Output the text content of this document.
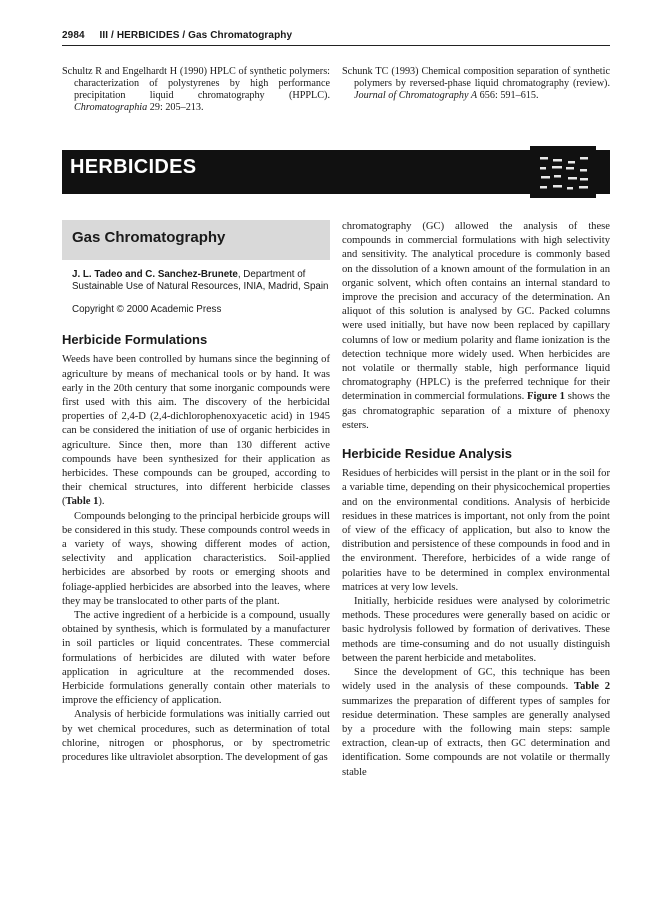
2984 III / HERBICIDES / Gas Chromatography

Schultz R and Engelhardt H (1990) HPLC of synthetic polymers: characterization of polystyrenes by high performance precipitation liquid chromatography (HPPLC). Chromatographia 29: 205–213.

Schunk TC (1993) Chemical composition separation of synthetic polymers by reversed-phase liquid chromatography (review). Journal of Chromatography A 656: 591–615.

HERBICIDES
Gas Chromatography
J. L. Tadeo and C. Sanchez-Brunete, Department of Sustainable Use of Natural Resources, INIA, Madrid, Spain
Copyright © 2000 Academic Press
Herbicide Formulations

Weeds have been controlled by humans since the beginning of agriculture by means of mechanical tools or by hand. It was early in the 20th century that some inorganic compounds were first used with this aim. The discovery of the herbicidal properties of 2,4-D (2,4-dichlorophenoxyacetic acid) in 1945 can be considered the initiation of use of organic herbicides in agriculture. Since then, more than 130 different active compounds have been synthesized for their application as herbicides. These compounds can be grouped, according to their chemical structures, into different herbicide classes (Table 1).

Compounds belonging to the principal herbicide groups will be considered in this study. These compounds control weeds in a variety of ways, showing different modes of action, selectivity and application characteristics. Soil-applied herbicides are absorbed by roots or emerging shoots and foliage-applied herbicides are absorbed into the leaves, where they may be translocated to other parts of the plant.

The active ingredient of a herbicide is a compound, usually obtained by synthesis, which is formulated by a manufacturer in soil particles or liquid concentrates. These commercial formulations of herbicides are diluted with water before application in agriculture at the recommended doses. Herbicide formulations generally contain other materials to improve the efficiency of application.

Analysis of herbicide formulations was initially carried out by wet chemical procedures, such as determination of total chlorine, nitrogen or phosphorus, or by spectrometric procedures like ultraviolet absorption. The development of gas

chromatography (GC) allowed the analysis of these compounds in commercial formulations with high selectivity and sensitivity. The analytical procedure is commonly based on the dissolution of a known amount of the formulation in an organic solvent, which often contains an internal standard to improve the precision and accuracy of the determination. An aliquot of this solution is analysed by GC. Packed columns were used initially, but have now been replaced by capillary columns of low or medium polarity and flame ionization is the detection technique more widely used. When herbicides are not volatile or thermally stable, high performance liquid chromatography (HPLC) is the preferred technique for their determination in commercial formulations. Figure 1 shows the gas chromatographic separation of a mixture of phenoxy esters.

Herbicide Residue Analysis

Residues of herbicides will persist in the plant or in the soil for a variable time, depending on their physicochemical properties and on the environmental conditions. Analysis of herbicide residues in these matrices is important, not only from the point of view of the efficacy of application, but also to know the distribution and persistence of these compounds in food and in the environment. Therefore, herbicides of a wide range of polarities have to be determined in complex environmental matrices at very low levels.

Initially, herbicide residues were analysed by colorimetric methods. These procedures were generally based on acidic or basic hydrolysis followed by formation of derivatives. These methods are time-consuming and do not usually distinguish between the parent herbicide and metabolites.

Since the development of GC, this technique has been widely used in the analysis of these compounds. Table 2 summarizes the preparation of different types of samples for residue determination. These samples are generally analysed by a procedure with the following main steps: sample extraction, clean-up of extracts, then GC determination and identification. Some compounds are not volatile or thermally stable
